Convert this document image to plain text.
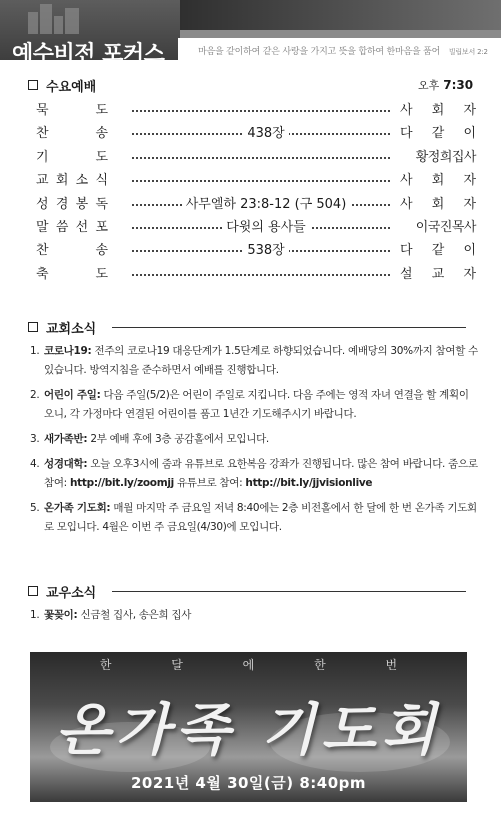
예수비전 포커스	마음을 같이하여 같은 사랑을 가지고 뜻을 합하여 한마음을 품어 빌립보서 2:2
수요예배	오후 7:30
묵	도	사 회 자
찬	송	438장	다 같 이
기	도	황정희집사
교 회 소 식	사 회 자
성 경 봉 독	사무엘하 23:8-12 (구 504)	사 회 자
말 씀 선 포	다윗의 용사들	이국진목사
찬	송	538장	다 같 이
축	도	설 교 자
교회소식
1. 코로나19: 전주의 코로나19 대응단계가 1.5단계로 하향되었습니다. 예배당의 30%까지 참여할 수 있습니다. 방역지침을 준수하면서 예배를 진행합니다.
2. 어린이 주일: 다음 주일(5/2)은 어린이 주일로 지킵니다. 다음 주에는 영적 자녀 연결을 할 계획이오니, 각 가정마다 연결된 어린이를 품고 1년간 기도해주시기 바랍니다.
3. 새가족반: 2부 예배 후에 3층 공감홀에서 모입니다.
4. 성경대학: 오늘 오후3시에 줌과 유튜브로 요한복음 강좌가 진행됩니다. 많은 참여 바랍니다. 줌으로 참여: http://bit.ly/zoomjj 유튜브로 참여: http://bit.ly/jjvisionlive
5. 온가족 기도회: 매월 마지막 주 금요일 저녁 8:40에는 2층 비전홀에서 한 달에 한 번 온가족 기도회로 모입니다. 4월은 이번 주 금요일(4/30)에 모입니다.
교우소식
1. 꽃꽂이: 신금철 집사, 송은희 집사
한	달	에	한	번
온가족 기도회
2021년 4월 30일(금) 8:40pm
